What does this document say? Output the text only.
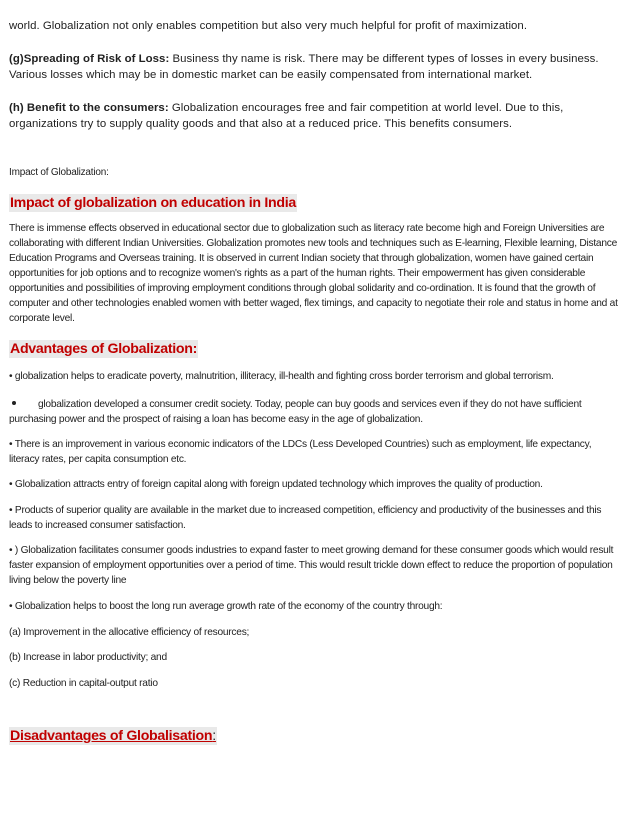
world. Globalization not only enables competition but also very much helpful for profit of maximization.
(g)Spreading of Risk of Loss: Business thy name is risk. There may be different types of losses in every business. Various losses which may be in domestic market can be easily compensated from international market.
(h) Benefit to the consumers: Globalization encourages free and fair competition at world level. Due to this, organizations try to supply quality goods and that also at a reduced price. This benefits consumers.
Impact of Globalization:
Impact of globalization on education in India
There is immense effects observed in educational sector due to globalization such as literacy rate become high and Foreign Universities are collaborating with different Indian Universities. Globalization promotes new tools and techniques such as E-learning, Flexible learning, Distance Education Programs and Overseas training. It is observed in current Indian society that through globalization, women have gained certain opportunities for job options and to recognize women's rights as a part of the human rights. Their empowerment has given considerable opportunities and possibilities of improving employment conditions through global solidarity and co-ordination. It is found that the growth of computer and other technologies enabled women with better waged, flex timings, and capacity to negotiate their role and status in home and at corporate level.
Advantages of Globalization:
• globalization helps to eradicate poverty, malnutrition, illiteracy, ill-health and fighting cross border terrorism and global terrorism.
globalization developed a consumer credit society. Today, people can buy goods and services even if they do not have sufficient purchasing power and the prospect of raising a loan has become easy in the age of globalization.
• There is an improvement in various economic indicators of the LDCs (Less Developed Countries) such as employment, life expectancy, literacy rates, per capita consumption etc.
• Globalization attracts entry of foreign capital along with foreign updated technology which improves the quality of production.
• Products of superior quality are available in the market due to increased competition, efficiency and productivity of the businesses and this leads to increased consumer satisfaction.
• ) Globalization facilitates consumer goods industries to expand faster to meet growing demand for these consumer goods which would result faster expansion of employment opportunities over a period of time. This would result trickle down effect to reduce the proportion of population living below the poverty line
• Globalization helps to boost the long run average growth rate of the economy of the country through:
(a) Improvement in the allocative efficiency of resources;
(b) Increase in labor productivity; and
(c) Reduction in capital-output ratio
Disadvantages of Globalisation:
